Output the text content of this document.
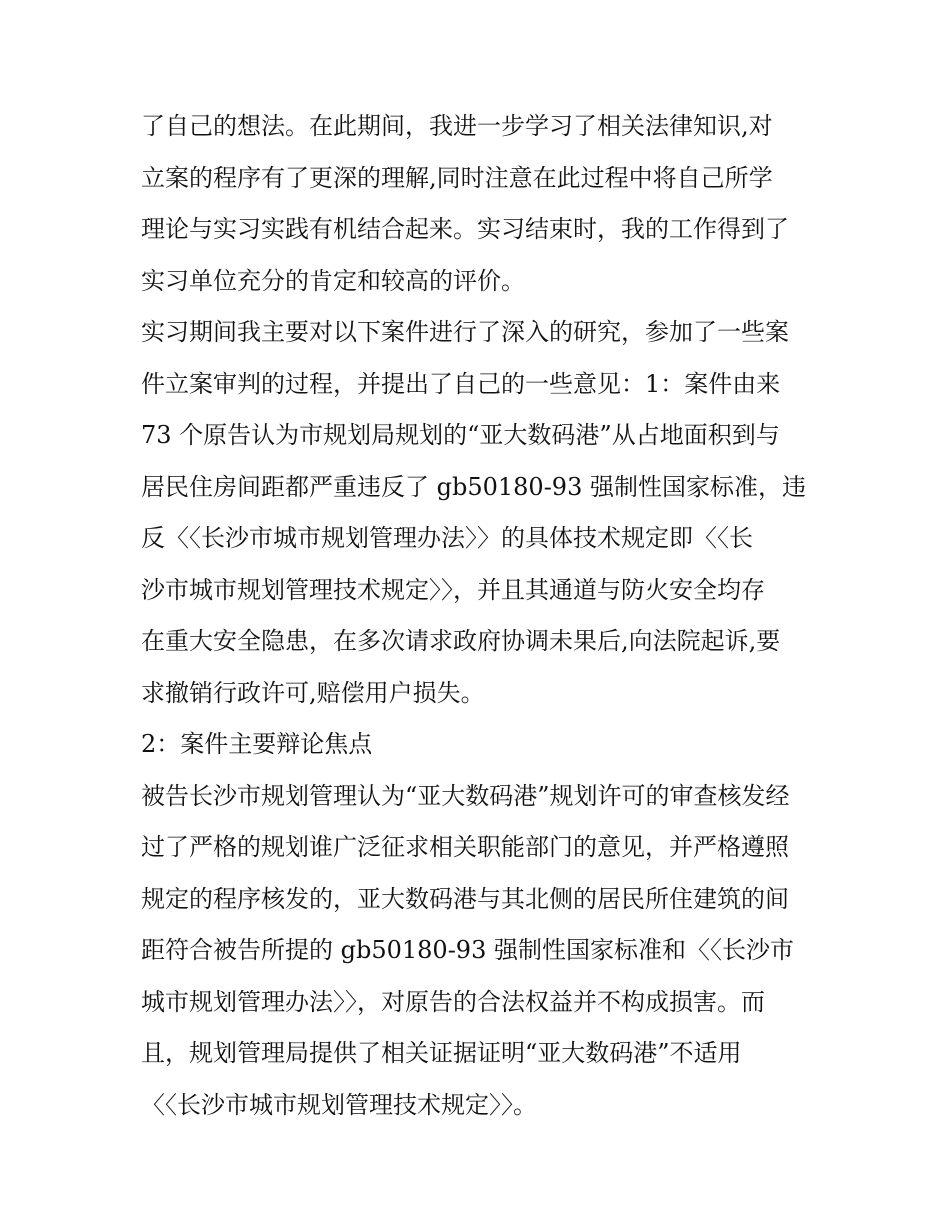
了自己的想法。在此期间，我进一步学习了相关法律知识,对
立案的程序有了更深的理解,同时注意在此过程中将自己所学
理论与实习实践有机结合起来。实习结束时，我的工作得到了
实习单位充分的肯定和较高的评价。
实习期间我主要对以下案件进行了深入的研究，参加了一些案
件立案审判的过程，并提出了自己的一些意见：1：案件由来
73 个原告认为市规划局规划的“亚大数码港”从占地面积到与
居民住房间距都严重违反了 gb50180-93 强制性国家标准，违
反〈〈长沙市城市规划管理办法〉〉的具体技术规定即〈〈长
沙市城市规划管理技术规定〉〉，并且其通道与防火安全均存
在重大安全隐患，在多次请求政府协调未果后,向法院起诉,要
求撤销行政许可,赔偿用户损失。
2：案件主要辩论焦点
被告长沙市规划管理认为“亚大数码港”规划许可的审查核发经
过了严格的规划谁广泛征求相关职能部门的意见，并严格遵照
规定的程序核发的，亚大数码港与其北侧的居民所住建筑的间
距符合被告所提的 gb50180-93 强制性国家标准和〈〈长沙市
城市规划管理办法〉〉，对原告的合法权益并不构成损害。而
且，规划管理局提供了相关证据证明“亚大数码港”不适用
〈〈长沙市城市规划管理技术规定〉〉。
